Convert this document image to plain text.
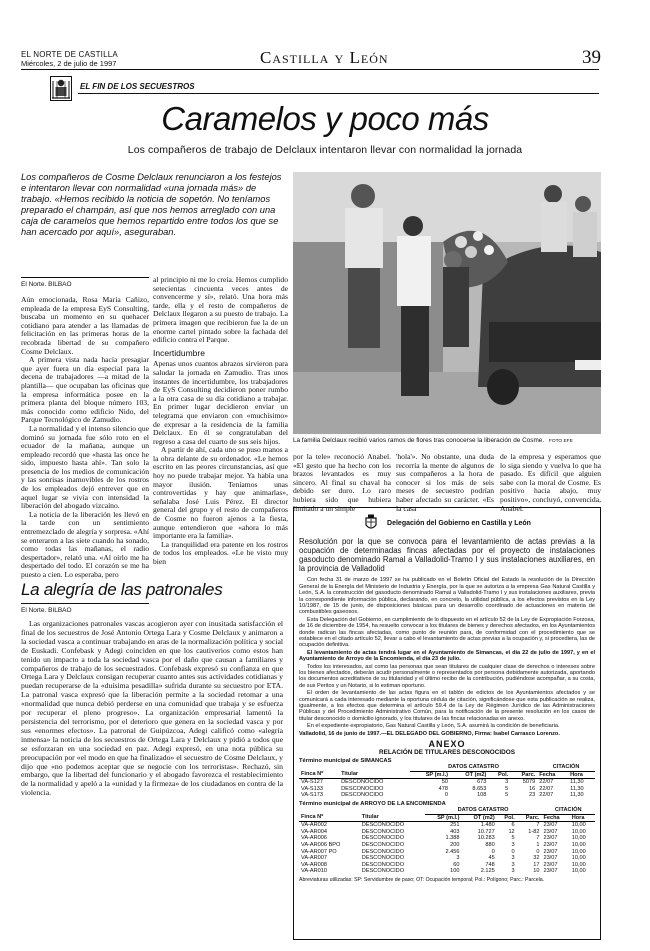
EL NORTE DE CASTILLA
Miércoles, 2 de julio de 1997	Castilla y León	39
EL FIN DE LOS SECUESTROS
Caramelos y poco más
Los compañeros de trabajo de Delclaux intentaron llevar con normalidad la jornada
Los compañeros de Cosme Delclaux renunciaron a los festejos e intentaron llevar con normalidad «una jornada más» de trabajo. «Hemos recibido la noticia de sopetón. No teníamos preparado el champán, así que nos hemos arreglado con una caja de caramelos que hemos repartido entre todos los que se han acercado por aquí», aseguraban.
El Norte. BILBAO
La familia Delclaux recibió varios ramos de flores tras conocerse la liberación de Cosme. FOTO EFE

Aún emocionada, Rosa María Cañizo, empleada de la empresa EyS Consulting, buscaba un momento en su quehacer cotidiano para atender a las llamadas de felicitación en las primeras horas de la recobrada libertad de su compañero Cosme Delclaux.

A primera vista nada hacía presagiar que ayer fuera un día especial para la decena de trabajadores —a mitad de la plantilla— que ocupaban las oficinas que la empresa informática posee en la primera planta del bloque número 103, más conocido como edificio Nido, del Parque Tecnológico de Zamudio.

La normalidad y el intenso silencio que dominó su jornada fue sólo roto en el ecuador de la mañana, aunque un empleado recordó que «hasta las once he sido, impuesto hasta ahí». Tan solo la presencia de los medios de comunicación y las sonrisas inamovibles de los rostros de los empleados dejó entrever que en aquel lugar se vivía con intensidad la liberación del abogado vizcaíno.

La noticia de la liberación les llevó en la tarde con un sentimiento entremezclado de alegría y sorpresa. «Ahí se enteraron a las siete cuando ha sonado, como todas las mañanas, el radio despertador», relató una. «Al oírlo me ha despertado del todo. El corazón se me ha puesto a cien. Lo esperaba, pero

al principio ni me lo creía. Hemos cumplido setecientas cincuenta veces antes de convencerme y sí», relató. Una hora más tarde, ella y el resto de compañeros de Delclaux llegaron a su puesto de trabajo. La primera imagen que recibieron fue la de un enorme cartel pintado sobre la fachada del edificio contra el Parque.

Incertidumbre

Apenas unos cuantos abrazos sirvieron para saludar la jornada en Zamudio. Tras unos instantes de incertidumbre, los trabajadores de EyS Consulting decidieron poner rumbo a la otra casa de su día cotidiano a trabajar. En primer lugar decidieron enviar un telegrama que enviaron con «muchísimo» de expresar a la residencia de la familia Delclaux. En él se congratulaban del regreso a casa del cuarto de sus seis hijos.

A partir de ahí, cada uno se puso manos a la obra delante de su ordenador. «Le hemos escrito en las peores circunstancias, así que hoy no puede trabajar mejor. Ya había una mayor ilusión. Teníamos unas controvertidas y hay que animarlas», señalaba José Luis Pérez. El director general del grupo y el resto de compañeros de Cosme no fueron ajenos a la fiesta, aunque entendieron que «ahora lo más importante era la familia».

La tranquilidad era patente en los rostros de todos los empleados. «Le he visto muy bien

por la tele» reconoció Anabel. «El gesto que ha hecho con los brazos levantados es muy sincero. Al final su chaval ha debido ser duro. Lo raro hubiera sido que hubiera limitado a un simple

'hola'». No obstante, una duda recorría la mente de algunos de sus compañeros a la hora de conocer si los más de seis meses de secuestro podrían haber afectado su carácter. «Es la casa

de la empresa y esperamos que lo siga siendo y vuelva lo que ha pasado. Es difícil que alguien sabe con la moral de Cosme. Es positivo hacia abajo, muy positivo», concluyó, convencida, Anabel.

La alegría de las patronales
El Norte. BILBAO

Las organizaciones patronales vascas acogieron ayer con inusitada satisfacción el final de los secuestros de José Antonio Ortega Lara y Cosme Delclaux y animaron a la sociedad vasca a continuar trabajando en aras de la normalización política y social de Euskadi. Confebask y Adegi coinciden en que los cautiverios como estos han tenido un impacto a toda la sociedad vasca por el daño que causan a familiares y compañeros de trabajo de los secuestrados. Confebask expresó su confianza en que Ortega Lara y Delclaux consigan recuperar cuanto antes sus actividades cotidianas y puedan recuperarse de la «duísima pesadilla» sufrida durante su secuestro por ETA. La patronal vasca expresó que la liberación permite a la sociedad retomar a una «normalidad que nunca debió perderse en una comunidad que trabaja y se esfuerza por recuperar el pleno progreso». La organización empresarial lamentó la persistencia del terrorismo, por el deterioro que genera en la sociedad vasca y por sus «enormes efectos». La patronal de Guipúzcoa, Adegi calificó como «alegría inmensa» la noticia de los secuestros de Ortega Lara y Delclaux y pidió a todos que se esforzaran en una sociedad en paz. Adegi expresó, en una nota pública su preocupación por «el modo en que ha finalizado» el secuestro de Cosme Delclaux, y dijo que «no podemos aceptar que se negocie con los terroristas». Rechazó, sin embargo, que la libertad del funcionario y el abogado favorezca el restablecimiento de la normalidad y apeló a la «unidad y la firmeza» de los ciudadanos en contra de la violencia.

Delegación del Gobierno en Castilla y León
Resolución por la que se convoca para el levantamiento de actas previas a la ocupación de determinadas fincas afectadas por el proyecto de instalaciones gasoducto denominado Ramal a Valladolid-Tramo I y sus instalaciones auxiliares, en la provincia de Valladolid

Con fecha 31 de marzo de 1997 se ha publicado en el Boletín Oficial del Estado la resolución de la Dirección General de la Energía del Ministerio de Industria y Energía, por la que se autoriza a la empresa Gas Natural Castilla y León, S.A. la construcción del gasoducto denominado Ramal a Valladolid-Tramo I y sus instalaciones auxiliares, previa la correspondiente información pública, declarando, en concreto, la utilidad pública, a los efectos previstos en la Ley 10/1987, de 15 de junio, de disposiciones básicas para un desarrollo coordinado de actuaciones en materia de combustibles gaseosos.

Esta Delegación del Gobierno, en cumplimiento de lo dispuesto en el artículo 52 de la Ley de Expropiación Forzosa, de 16 de diciembre de 1954, ha resuelto convocar a los titulares de bienes y derechos afectados, en los Ayuntamientos donde radican las fincas afectadas, como punto de reunión para, de conformidad con el procedimiento que se establece en el citado artículo 52, llevar a cabo el levantamiento de actas previas a la ocupación y, si procediera, las de ocupación definitiva.

El levantamiento de actas tendrá lugar en el Ayuntamiento de Simancas, el día 22 de julio de 1997, y en el Ayuntamiento de Arroyo de la Encomienda, el día 23 de julio.

Todos los interesados, así como las personas que sean titulares de cualquier clase de derechos o intereses sobre los bienes afectados, deberán acudir personalmente o representados por persona debidamente autorizada, aportando los documentos acreditativos de su titularidad y el último recibo de la contribución, pudiéndose acompañar, a su costa, de sus Peritos y un Notario, si lo estiman oportuno.

El orden de levantamiento de las actas figura en el tablón de edictos de los Ayuntamientos afectados y se comunicará a cada interesado mediante la oportuna cédula de citación, significándose que esta publicación se realiza, igualmente, a los efectos que determina el artículo 59.4 de la Ley de Régimen Jurídico de las Administraciones Públicas y del Procedimiento Administrativo Común, para la notificación de la presente resolución en los casos de titular desconocido o domicilio ignorado, y los titulares de las fincas relacionadas en anexo.

En el expediente expropiatorio, Gas Natural Castilla y León, S.A. asumirá la condición de beneficiaria.

Valladolid, 16 de junio de 1997.—EL DELEGADO DEL GOBIERNO, Firma: Isabel Carrasco Lorenzo.

ANEXO
RELACIÓN DE TITULARES DESCONOCIDOS
Término municipal de SIMANCAS
		DATOS CATASTRO				CITACIÓN	
Finca Nº	Titular	SP (m.l.)	OT (m2)	Pol.	Parc.	Fecha	Hora
VA-S127	DESCONOCIDO	50	673	3	5079	22/07	11,30
VA-S133	DESCONOCIDO	478	8.653	5	16	22/07	11,30
VA-S173	DESCONOCIDO	0	108	5	23	22/07	11,30
Término municipal de ARROYO DE LA ENCOMIENDA
		DATOS CATASTRO				CITACIÓN	
Finca Nº	Titular	SP (m.l.)	OT (m2)	Pol.	Parc.	Fecha	Hora
VA-AR002	DESCONOCIDO	251	1.480	6	7	23/07	10,00
VA-AR004	DESCONOCIDO	403	10.727	12	1-82	23/07	10,00
VA-AR006	DESCONOCIDO	1.388	10.283	5	7	23/07	10,00
VA-AR006 BPO	DESCONOCIDO	200	880	3	1	23/07	10,00
VA-AR007 PO	DESCONOCIDO	2.456	0	0	0	23/07	10,00
VA-AR007	DESCONOCIDO	3	45	3	32	23/07	10,00
VA-AR008	DESCONOCIDO	60	748	3	17	23/07	10,00
VA-AR010	DESCONOCIDO	100	2.125	3	10	23/07	10,00
Abreviaturas utilizadas: SP: Servidumbre de paso; OT: Ocupación temporal; Pol.: Polígono; Parc.: Parcela.
